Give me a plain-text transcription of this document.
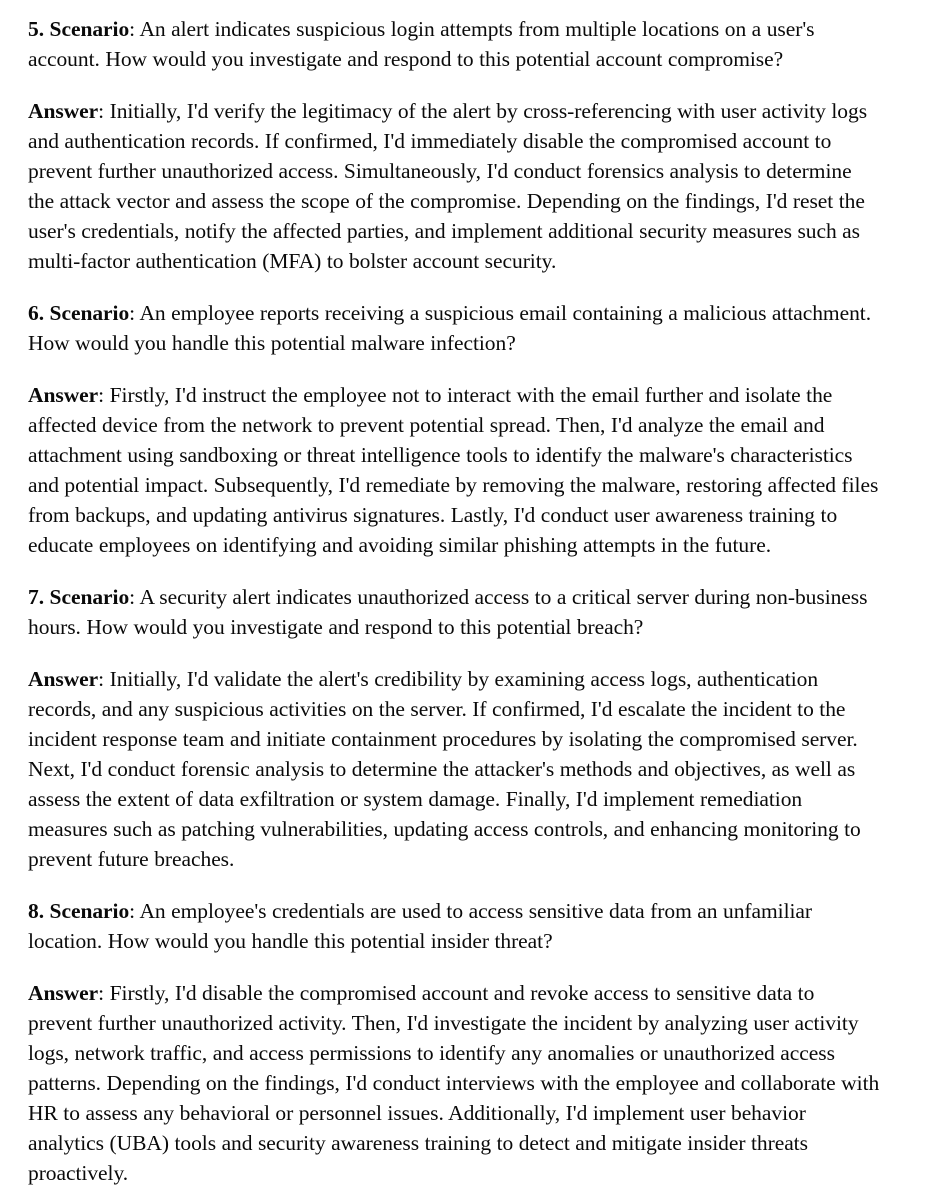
5. Scenario: An alert indicates suspicious login attempts from multiple locations on a user's account. How would you investigate and respond to this potential account compromise?

Answer: Initially, I'd verify the legitimacy of the alert by cross-referencing with user activity logs and authentication records. If confirmed, I'd immediately disable the compromised account to prevent further unauthorized access. Simultaneously, I'd conduct forensics analysis to determine the attack vector and assess the scope of the compromise. Depending on the findings, I'd reset the user's credentials, notify the affected parties, and implement additional security measures such as multi-factor authentication (MFA) to bolster account security.

6. Scenario: An employee reports receiving a suspicious email containing a malicious attachment. How would you handle this potential malware infection?

Answer: Firstly, I'd instruct the employee not to interact with the email further and isolate the affected device from the network to prevent potential spread. Then, I'd analyze the email and attachment using sandboxing or threat intelligence tools to identify the malware's characteristics and potential impact. Subsequently, I'd remediate by removing the malware, restoring affected files from backups, and updating antivirus signatures. Lastly, I'd conduct user awareness training to educate employees on identifying and avoiding similar phishing attempts in the future.

7. Scenario: A security alert indicates unauthorized access to a critical server during non-business hours. How would you investigate and respond to this potential breach?

Answer: Initially, I'd validate the alert's credibility by examining access logs, authentication records, and any suspicious activities on the server. If confirmed, I'd escalate the incident to the incident response team and initiate containment procedures by isolating the compromised server. Next, I'd conduct forensic analysis to determine the attacker's methods and objectives, as well as assess the extent of data exfiltration or system damage. Finally, I'd implement remediation measures such as patching vulnerabilities, updating access controls, and enhancing monitoring to prevent future breaches.

8. Scenario: An employee's credentials are used to access sensitive data from an unfamiliar location. How would you handle this potential insider threat?

Answer: Firstly, I'd disable the compromised account and revoke access to sensitive data to prevent further unauthorized activity. Then, I'd investigate the incident by analyzing user activity logs, network traffic, and access permissions to identify any anomalies or unauthorized access patterns. Depending on the findings, I'd conduct interviews with the employee and collaborate with HR to assess any behavioral or personnel issues. Additionally, I'd implement user behavior analytics (UBA) tools and security awareness training to detect and mitigate insider threats proactively.
